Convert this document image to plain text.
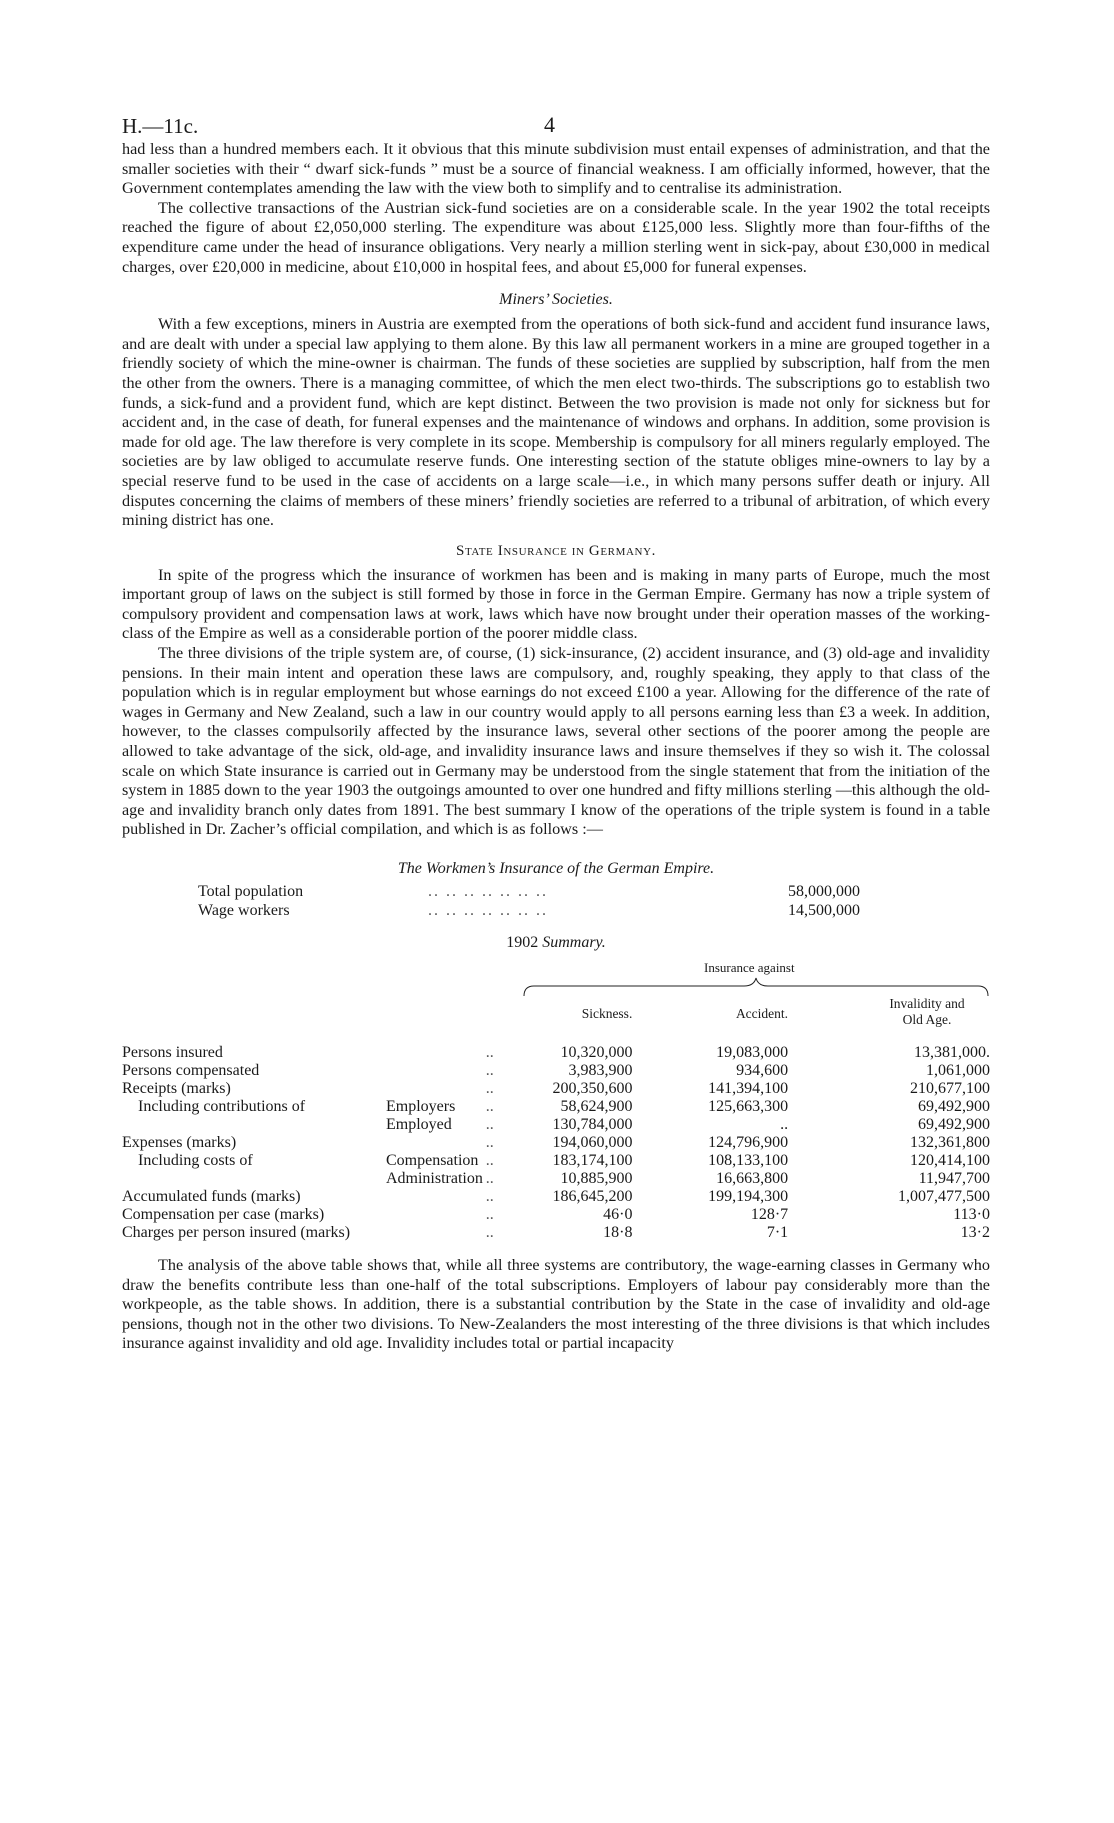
H.—11c.	4

had less than a hundred members each. It it obvious that this minute subdivision must entail expenses of administration, and that the smaller societies with their “ dwarf sick-funds ” must be a source of financial weakness. I am officially informed, however, that the Government contemplates amending the law with the view both to simplify and to centralise its administration.

The collective transactions of the Austrian sick-fund societies are on a considerable scale. In the year 1902 the total receipts reached the figure of about £2,050,000 sterling. The expenditure was about £125,000 less. Slightly more than four-fifths of the expenditure came under the head of insurance obligations. Very nearly a million sterling went in sick-pay, about £30,000 in medical charges, over £20,000 in medicine, about £10,000 in hospital fees, and about £5,000 for funeral expenses.

Miners’ Societies.

With a few exceptions, miners in Austria are exempted from the operations of both sick-fund and accident fund insurance laws, and are dealt with under a special law applying to them alone. By this law all permanent workers in a mine are grouped together in a friendly society of which the mine-owner is chairman. The funds of these societies are supplied by subscription, half from the men the other from the owners. There is a managing committee, of which the men elect two-thirds. The subscriptions go to establish two funds, a sick-fund and a provident fund, which are kept distinct. Between the two provision is made not only for sickness but for accident and, in the case of death, for funeral expenses and the maintenance of windows and orphans. In addition, some provision is made for old age. The law therefore is very complete in its scope. Membership is compulsory for all miners regularly employed. The societies are by law obliged to accumulate reserve funds. One interesting section of the statute obliges mine-owners to lay by a special reserve fund to be used in the case of accidents on a large scale—i.e., in which many persons suffer death or injury. All disputes concerning the claims of members of these miners’ friendly societies are referred to a tribunal of arbitration, of which every mining district has one.

State Insurance in Germany.

In spite of the progress which the insurance of workmen has been and is making in many parts of Europe, much the most important group of laws on the subject is still formed by those in force in the German Empire. Germany has now a triple system of compulsory provident and compensation laws at work, laws which have now brought under their operation masses of the working-class of the Empire as well as a considerable portion of the poorer middle class.

The three divisions of the triple system are, of course, (1) sick-insurance, (2) accident insurance, and (3) old-age and invalidity pensions. In their main intent and operation these laws are compulsory, and, roughly speaking, they apply to that class of the population which is in regular employment but whose earnings do not exceed £100 a year. Allowing for the difference of the rate of wages in Germany and New Zealand, such a law in our country would apply to all persons earning less than £3 a week. In addition, however, to the classes compulsorily affected by the insurance laws, several other sections of the poorer among the people are allowed to take advantage of the sick, old-age, and invalidity insurance laws and insure themselves if they so wish it. The colossal scale on which State insurance is carried out in Germany may be understood from the single statement that from the initiation of the system in 1885 down to the year 1903 the outgoings amounted to over one hundred and fifty millions sterling —this although the old-age and invalidity branch only dates from 1891. The best summary I know of the operations of the triple system is found in a table published in Dr. Zacher’s official compilation, and which is as follows :—

The Workmen’s Insurance of the German Empire.
Total population	.. .. .. .. .. .. ..	58,000,000
Wage workers	.. .. .. .. .. .. ..	14,500,000
1902 Summary.
Insurance against
Sickness.	Accident.
Invalidity and
Old Age.
Persons insured		..	10,320,000	19,083,000	13,381,000.
Persons compensated		..	3,983,900	934,600	1,061,000
Receipts (marks)		..	200,350,600	141,394,100	210,677,100
Including contributions of	Employers	..	58,624,900	125,663,300	69,492,900
	Employed	..	130,784,000	..	69,492,900
Expenses (marks)		..	194,060,000	124,796,900	132,361,800
Including costs of	Compensation	..	183,174,100	108,133,100	120,414,100
	Administration	..	10,885,900	16,663,800	11,947,700
Accumulated funds (marks)		..	186,645,200	199,194,300	1,007,477,500
Compensation per case (marks)		..	46·0	128·7	113·0
Charges per person insured (marks)		..	18·8	7·1	13·2

The analysis of the above table shows that, while all three systems are contributory, the wage-earning classes in Germany who draw the benefits contribute less than one-half of the total subscriptions. Employers of labour pay considerably more than the workpeople, as the table shows. In addition, there is a substantial contribution by the State in the case of invalidity and old-age pensions, though not in the other two divisions. To New-Zealanders the most interesting of the three divisions is that which includes insurance against invalidity and old age. Invalidity includes total or partial incapacity
